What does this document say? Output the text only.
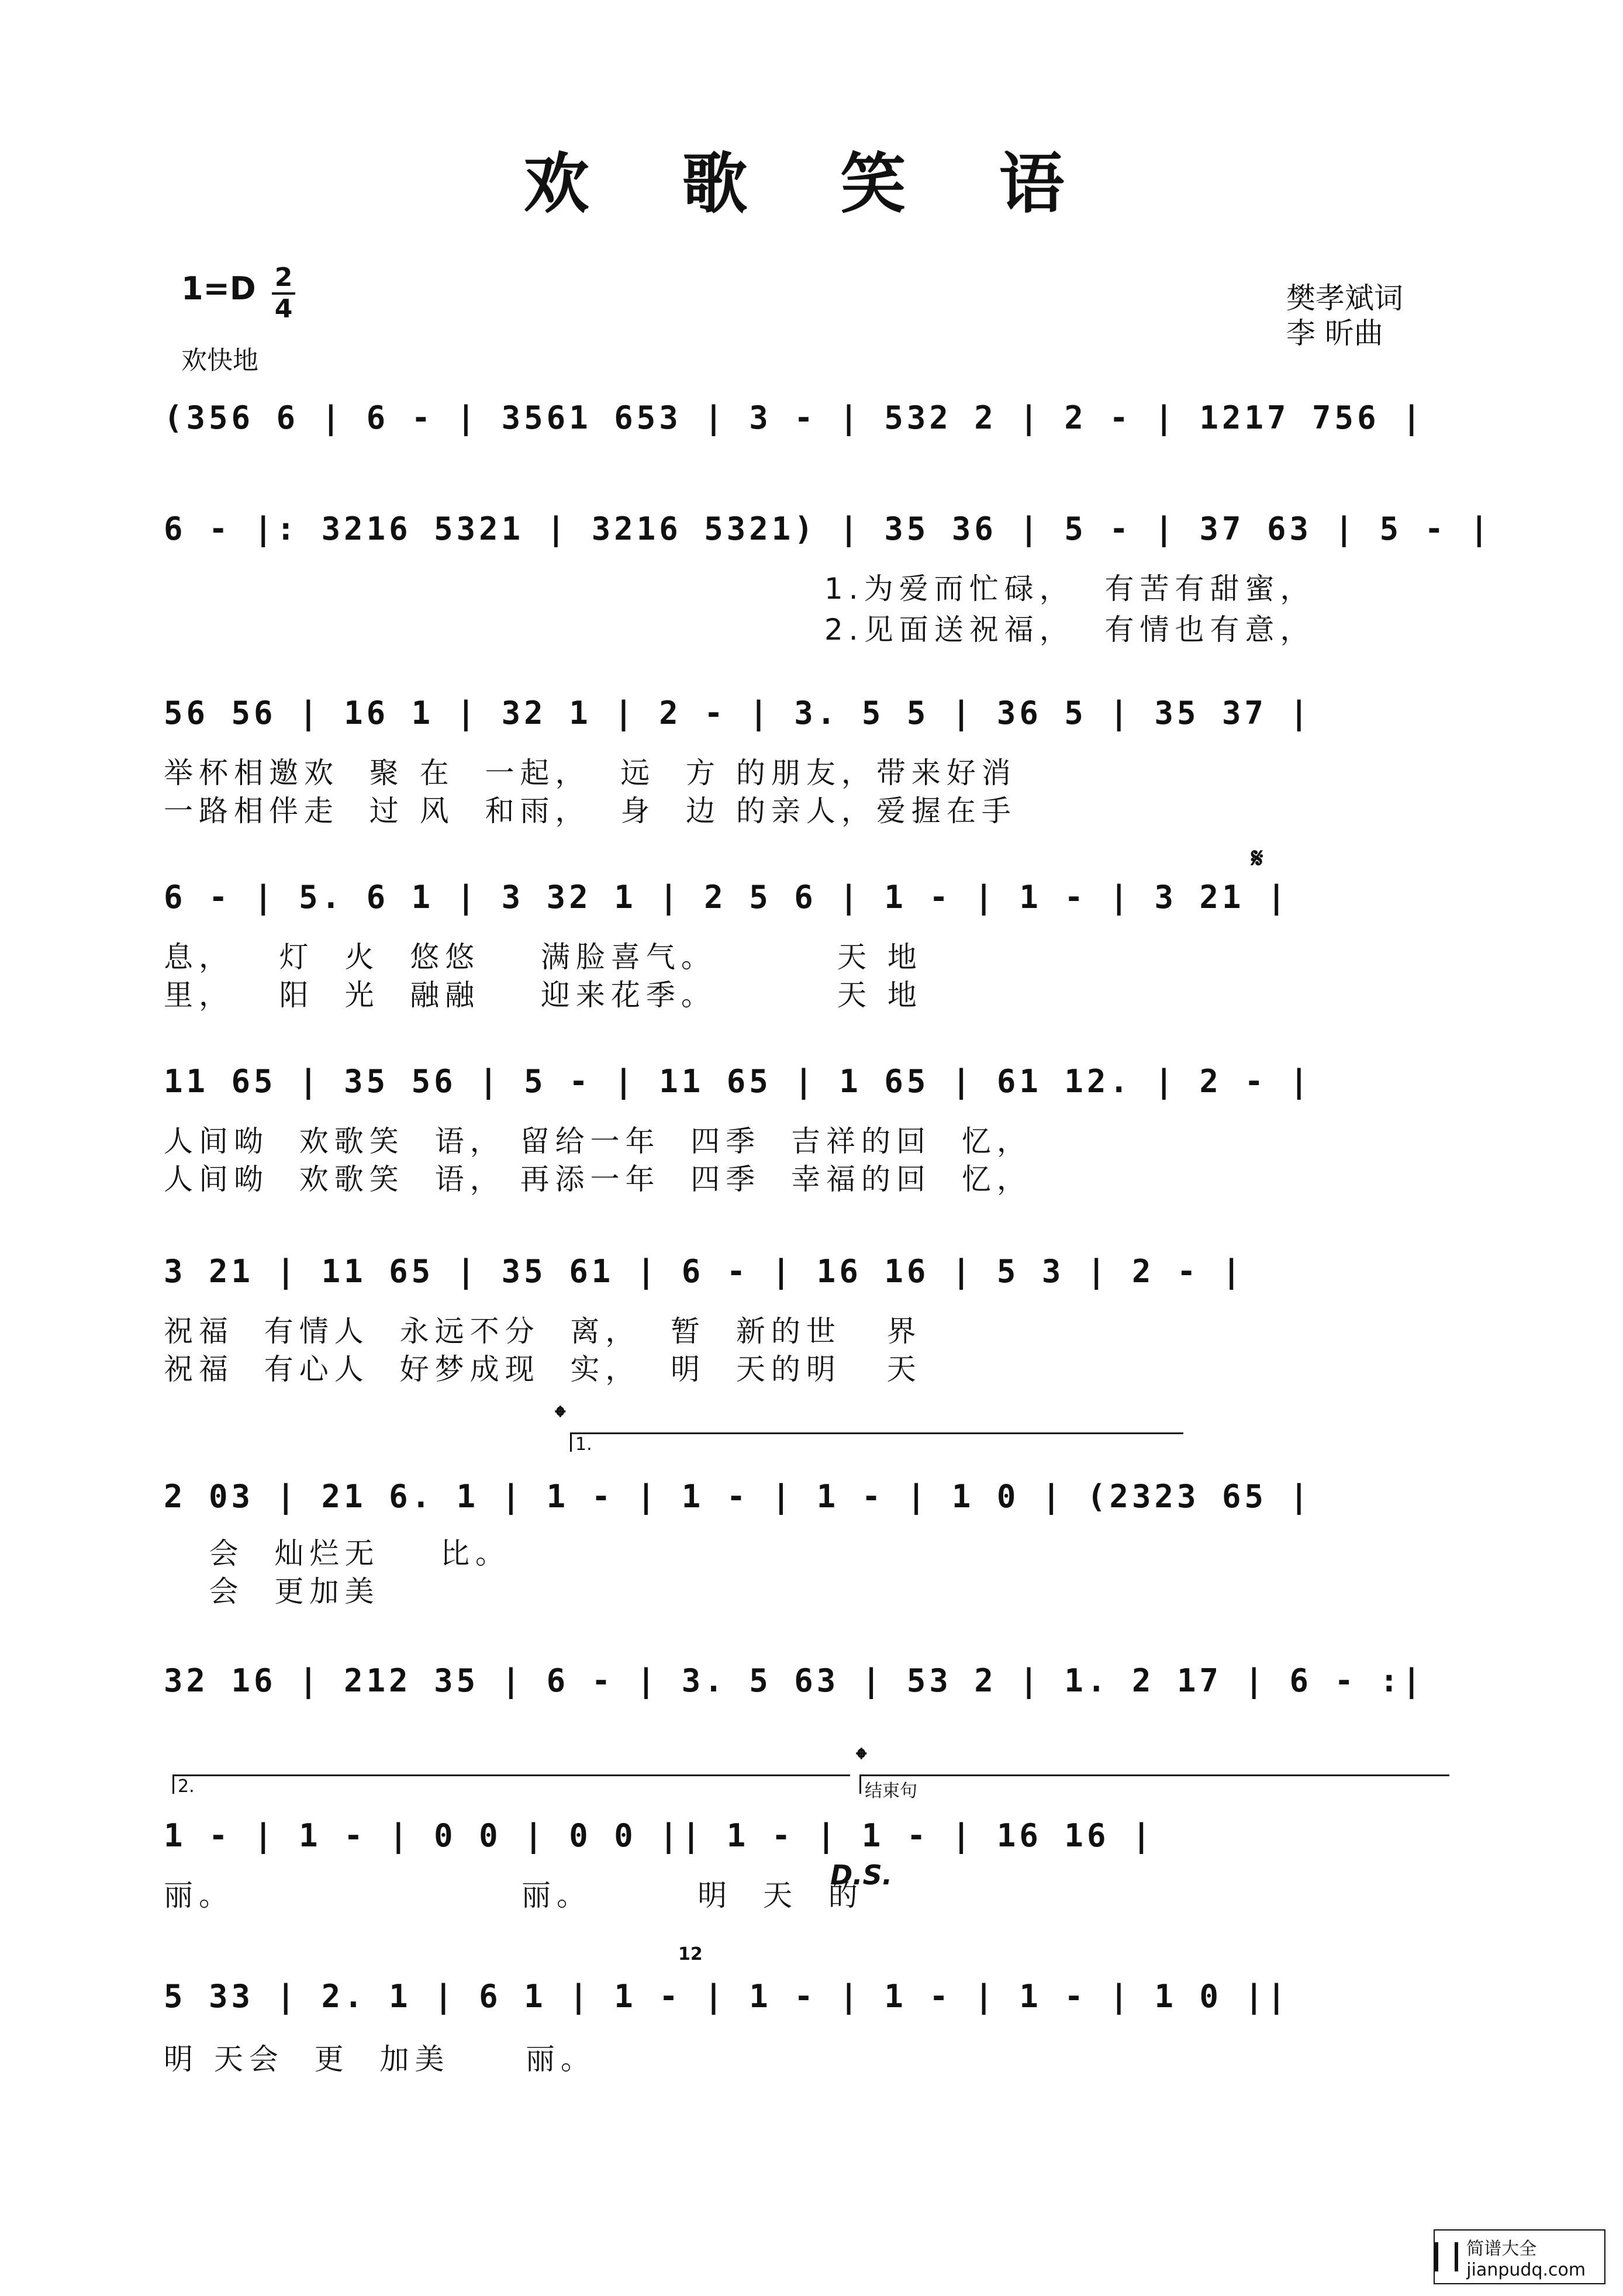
欢 歌 笑 语
1=D 2
4
欢快地
樊孝斌词
李 昕曲
(356 6 | 6 - | 3561 653 | 3 - | 532 2 | 2 - | 1217 756 |
6 - |: 3216 5321 | 3216 5321) | 35 36 | 5 - | 37 63 | 5 - |
1.为爱而忙碌，  有苦有甜蜜，
2.见面送祝福，  有情也有意，
56 56 | 16 1 | 32 1 | 2 - | 3. 5 5 | 36 5 | 35 37 |
举杯相邀欢  聚 在  一起，  远  方 的朋友，带来好消
一路相伴走  过 风  和雨，  身  边 的亲人，爱握在手
𝄋
6 - | 5. 6 1 | 3 32 1 | 2 5 6 | 1 - | 1 - | 3 21 |
息，   灯  火  悠悠    满脸喜气。        天 地
里，   阳  光  融融    迎来花季。        天 地
11 65 | 35 56 | 5 - | 11 65 | 1 65 | 61 12. | 2 - |
人间呦  欢歌笑  语， 留给一年  四季  吉祥的回  忆，
人间呦  欢歌笑  语， 再添一年  四季  幸福的回  忆，
3 21 | 11 65 | 35 61 | 6 - | 16 16 | 5 3 | 2 - |
祝福  有情人  永远不分  离，  暂  新的世   界
祝福  有心人  好梦成现  实，  明  天的明   天
𝄌
1.
2 03 | 21 6. 1 | 1 - | 1 - | 1 - | 1 0 | (2323 65 |
会  灿烂无    比。
会  更加美
32 16 | 212 35 | 6 - | 3. 5 63 | 53 2 | 1. 2 17 | 6 - :|
2.
𝄌
结束句
1 - | 1 - | 0 0 | 0 0 || 1 - | 1 - | 16 16 |
D.S.
丽。                   丽。       明  天  的
12
5 33 | 2. 1 | 6 1 | 1 - | 1 - | 1 - | 1 - | 1 0 ||
明 天会  更  加美     丽。
简谱大全 jianpudq.com
